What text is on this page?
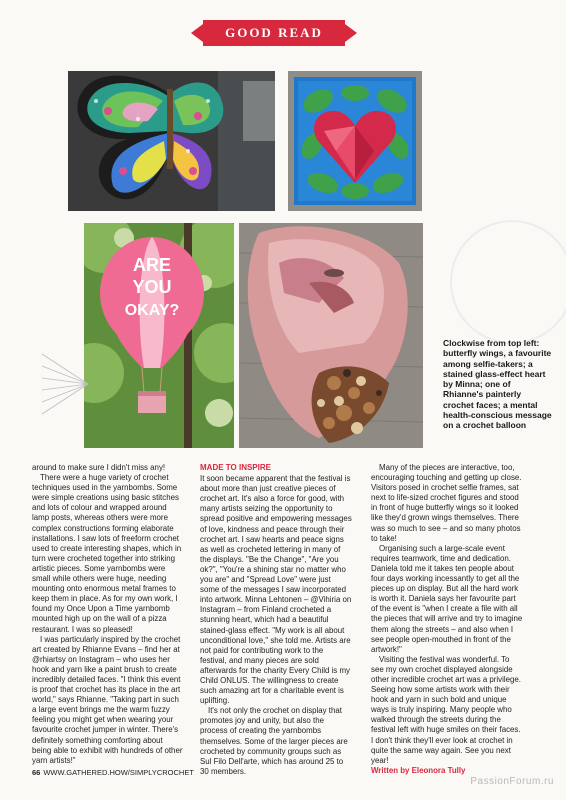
GOOD READ
ARE
YOU
OKAY?
Clockwise from top left: butterfly wings, a favourite among selfie-takers; a stained glass-effect heart by Minna; one of Rhianne's painterly crochet faces; a mental health-conscious message on a crochet balloon

around to make sure I didn't miss any!

There were a huge variety of crochet techniques used in the yarnbombs. Some were simple creations using basic stitches and lots of colour and wrapped around lamp posts, whereas others were more complex constructions forming elaborate installations. I saw lots of freeform crochet used to create interesting shapes, which in turn were crocheted together into striking artistic pieces. Some yarnbombs were small while others were huge, needing mounting onto enormous metal frames to keep them in place. As for my own work, I found my Once Upon a Time yarnbomb mounted high up on the wall of a pizza restaurant. I was so pleased!

I was particularly inspired by the crochet art created by Rhianne Evans – find her at @rhiartsy on Instagram – who uses her hook and yarn like a paint brush to create incredibly detailed faces. "I think this event is proof that crochet has its place in the art world," says Rhianne. "Taking part in such a large event brings me the warm fuzzy feeling you might get when wearing your favourite crochet jumper in winter. There's definitely something comforting about being able to exhibit with hundreds of other yarn artists!"

MADE TO INSPIRE

It soon became apparent that the festival is about more than just creative pieces of crochet art. It's also a force for good, with many artists seizing the opportunity to spread positive and empowering messages of love, kindness and peace through their crochet art. I saw hearts and peace signs as well as crocheted lettering in many of the displays. "Be the Change", "Are you ok?", "You're a shining star no matter who you are" and "Spread Love" were just some of the messages I saw incorporated into artwork. Minna Lehtonen – @Vihiria on Instagram – from Finland crocheted a stunning heart, which had a beautiful stained-glass effect. "My work is all about unconditional love," she told me. Artists are not paid for contributing work to the festival, and many pieces are sold afterwards for the charity Every Child is my Child ONLUS. The willingness to create such amazing art for a charitable event is uplifting.

It's not only the crochet on display that promotes joy and unity, but also the process of creating the yarnbombs themselves. Some of the larger pieces are crocheted by community groups such as Sul Filo Dell'arte, which has around 25 to 30 members.

Many of the pieces are interactive, too, encouraging touching and getting up close. Visitors posed in crochet selfie frames, sat next to life-sized crochet figures and stood in front of huge butterfly wings so it looked like they'd grown wings themselves. There was so much to see – and so many photos to take!

Organising such a large-scale event requires teamwork, time and dedication. Daniela told me it takes ten people about four days working incessantly to get all the pieces up on display. But all the hard work is worth it. Daniela says her favourite part of the event is "when I create a file with all the pieces that will arrive and try to imagine them along the streets – and also when I see people open-mouthed in front of the artwork!"

Visiting the festival was wonderful. To see my own crochet displayed alongside other incredible crochet art was a privilege. Seeing how some artists work with their hook and yarn in such bold and unique ways is truly inspiring. Many people who walked through the streets during the festival left with huge smiles on their faces. I don't think they'll ever look at crochet in quite the same way again. See you next year!

Written by Eleonora Tully

66 WWW.GATHERED.HOW/SIMPLYCROCHET
PassionForum.ru
